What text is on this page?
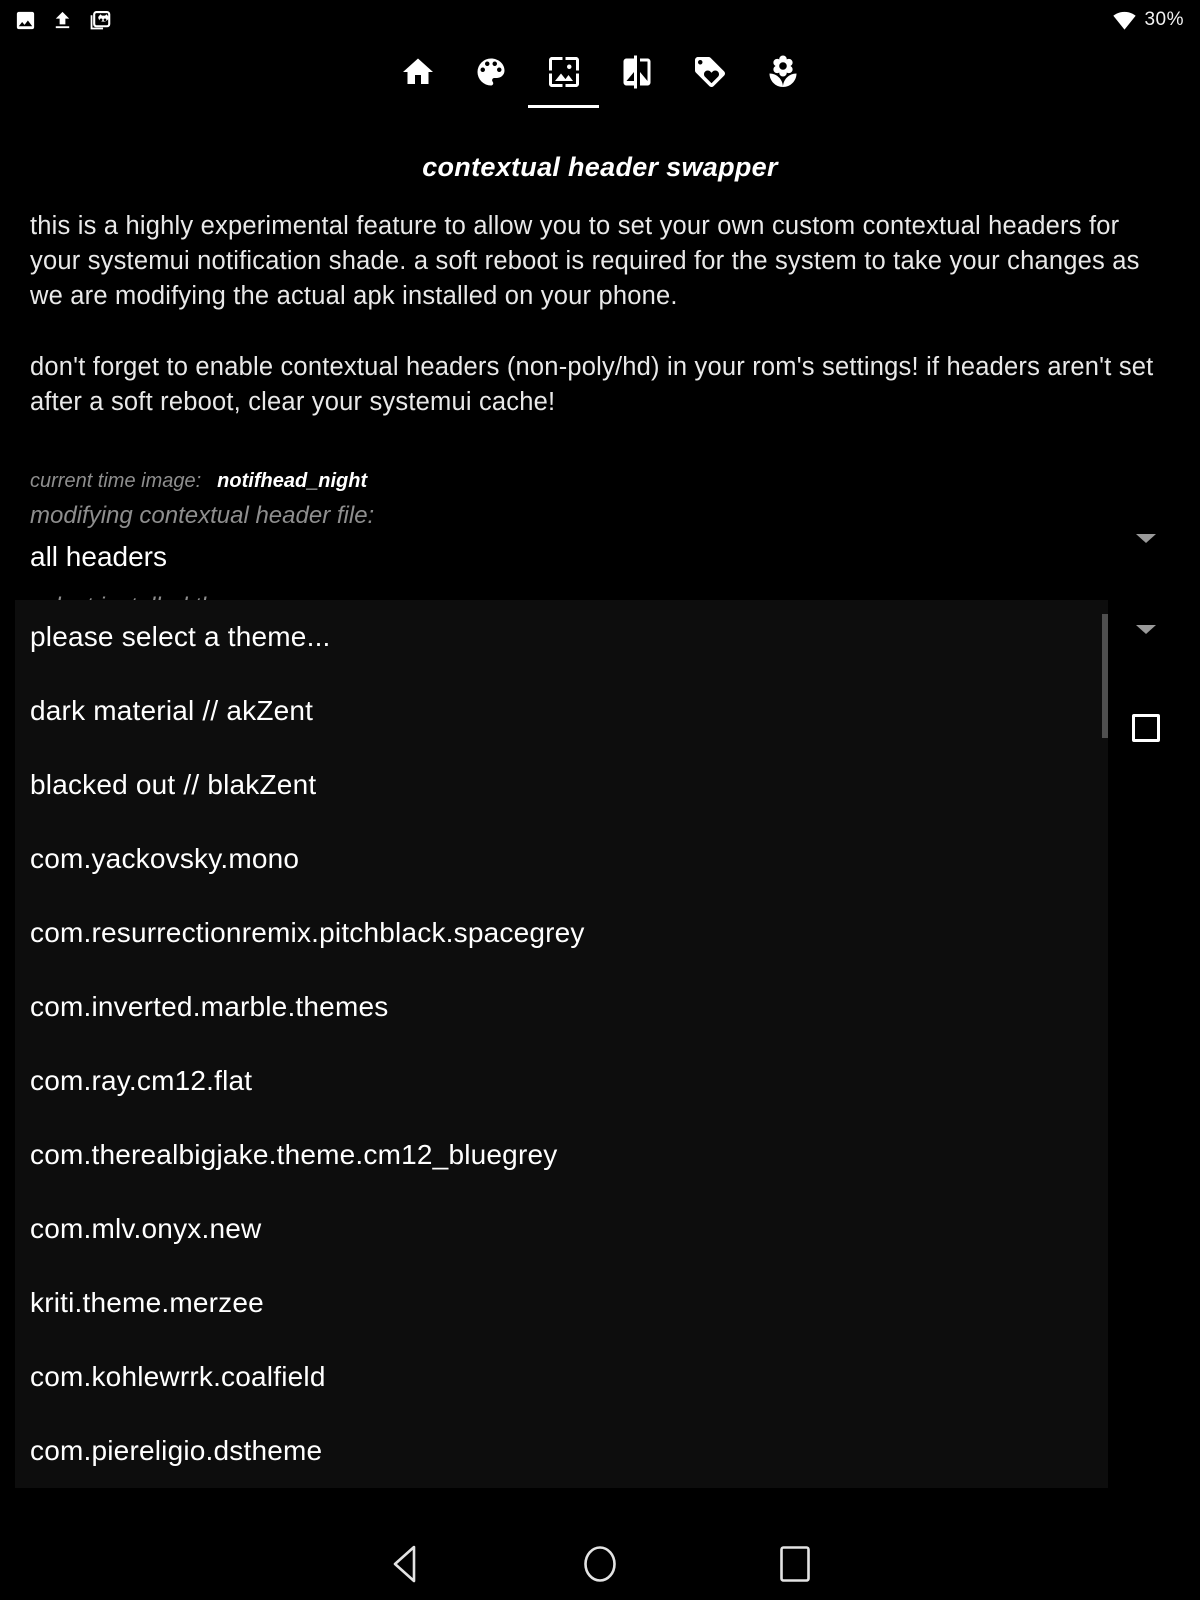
30%
contextual header swapper

this is a highly experimental feature to allow you to set your own custom contextual headers for your systemui notification shade. a soft reboot is required for the system to take your changes as we are modifying the actual apk installed on your phone.

don't forget to enable contextual headers (non-poly/hd) in your rom's settings! if headers aren't set after a soft reboot, clear your systemui cache!

current time image: notifhead_night
modifying contextual header file:
all headers
please select a theme...
dark material // akZent
blacked out // blakZent
com.yackovsky.mono
com.resurrectionremix.pitchblack.spacegrey
com.inverted.marble.themes
com.ray.cm12.flat
com.therealbigjake.theme.cm12_bluegrey
com.mlv.onyx.new
kriti.theme.merzee
com.kohlewrrk.coalfield
com.piereligio.dstheme
